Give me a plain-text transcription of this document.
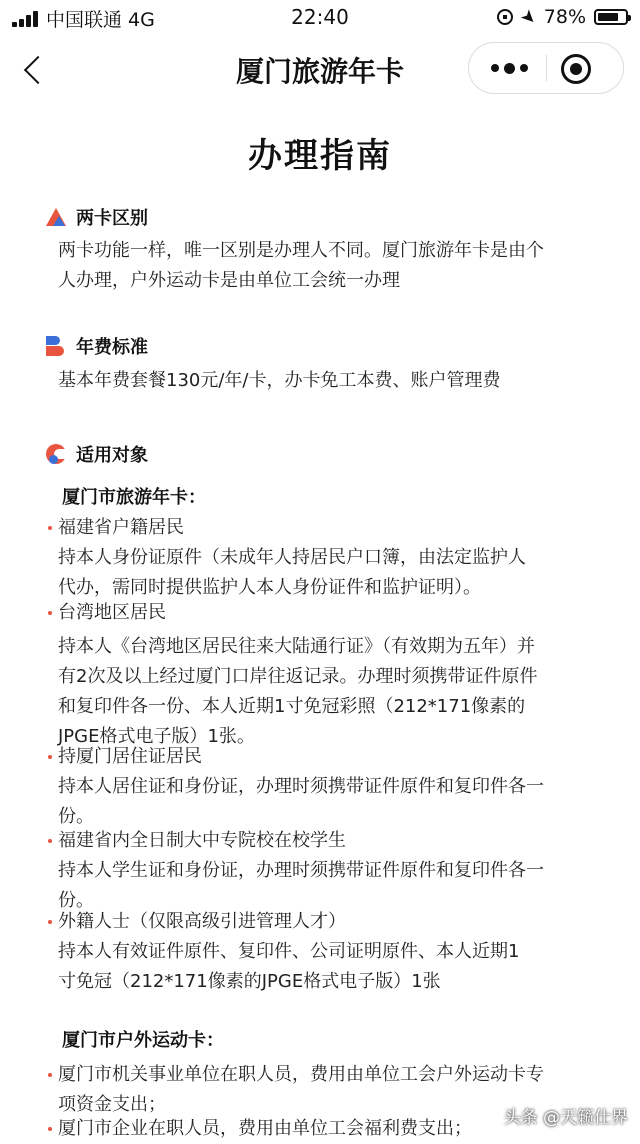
中国联通 4G	22:40	➤ 78%
厦门旅游年卡
办理指南
两卡区别
两卡功能一样，唯一区别是办理人不同。厦门旅游年卡是由个
人办理，户外运动卡是由单位工会统一办理
年费标准
基本年费套餐130元/年/卡，办卡免工本费、账户管理费
适用对象
厦门市旅游年卡：
福建省户籍居民
持本人身份证原件（未成年人持居民户口簿，由法定监护人
代办，需同时提供监护人本人身份证件和监护证明）。
台湾地区居民
持本人《台湾地区居民往来大陆通行证》（有效期为五年）并
有2次及以上经过厦门口岸往返记录。办理时须携带证件原件
和复印件各一份、本人近期1寸免冠彩照（212*171像素的
JPGE格式电子版）1张。
持厦门居住证居民
持本人居住证和身份证，办理时须携带证件原件和复印件各一
份。
福建省内全日制大中专院校在校学生
持本人学生证和身份证，办理时须携带证件原件和复印件各一
份。
外籍人士（仅限高级引进管理人才）
持本人有效证件原件、复印件、公司证明原件、本人近期1
寸免冠（212*171像素的JPGE格式电子版）1张
厦门市户外运动卡：
厦门市机关事业单位在职人员，费用由单位工会户外运动卡专
项资金支出；
厦门市企业在职人员，费用由单位工会福利费支出；	头条 @天籁仕界
